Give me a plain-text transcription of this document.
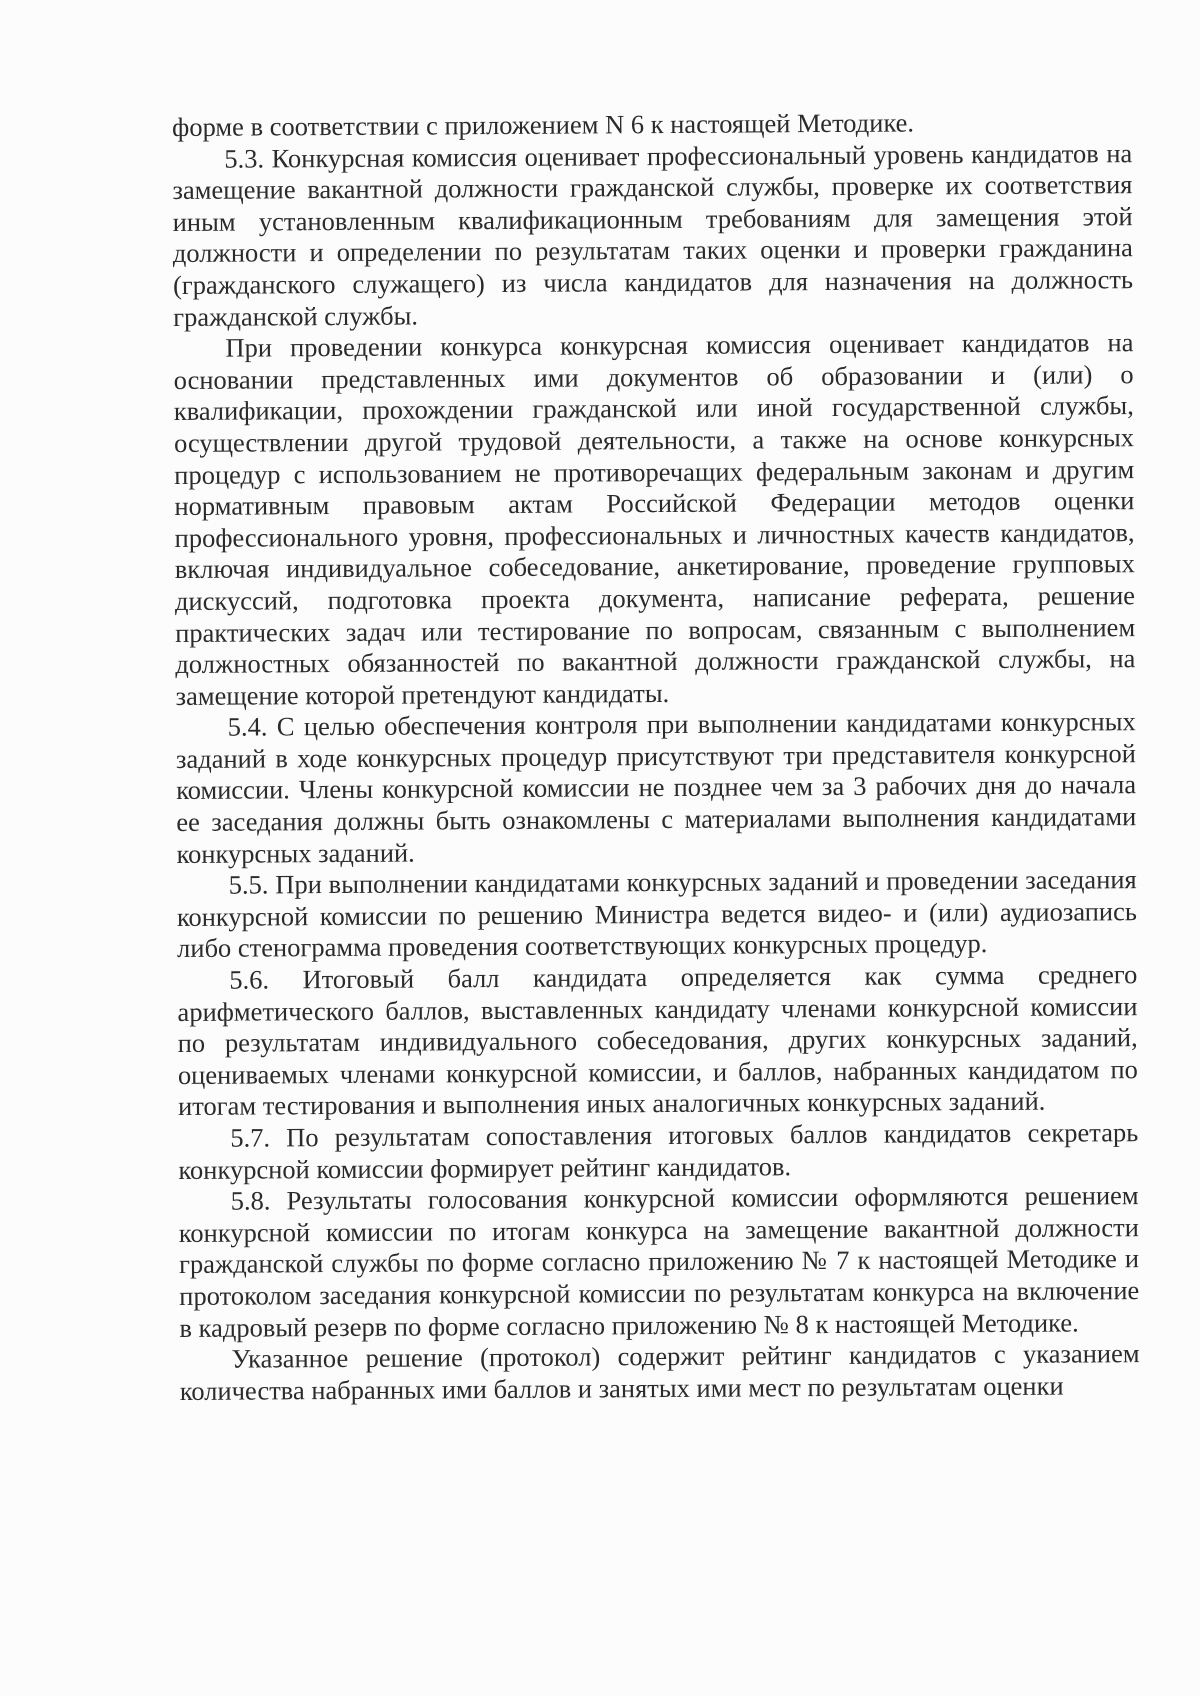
форме в соответствии с приложением N 6 к настоящей Методике.

5.3. Конкурсная комиссия оценивает профессиональный уровень кандидатов на замещение вакантной должности гражданской службы, проверке их соответствия иным установленным квалификационным требованиям для замещения этой должности и определении по результатам таких оценки и проверки гражданина (гражданского служащего) из числа кандидатов для назначения на должность гражданской службы.

При проведении конкурса конкурсная комиссия оценивает кандидатов на основании представленных ими документов об образовании и (или) о квалификации, прохождении гражданской или иной государственной службы, осуществлении другой трудовой деятельности, а также на основе конкурсных процедур с использованием не противоречащих федеральным законам и другим нормативным правовым актам Российской Федерации методов оценки профессионального уровня, профессиональных и личностных качеств кандидатов, включая индивидуальное собеседование, анкетирование, проведение групповых дискуссий, подготовка проекта документа, написание реферата, решение практических задач или тестирование по вопросам, связанным с выполнением должностных обязанностей по вакантной должности гражданской службы, на замещение которой претендуют кандидаты.

5.4. С целью обеспечения контроля при выполнении кандидатами конкурсных заданий в ходе конкурсных процедур присутствуют три представителя конкурсной комиссии. Члены конкурсной комиссии не позднее чем за 3 рабочих дня до начала ее заседания должны быть ознакомлены с материалами выполнения кандидатами конкурсных заданий.

5.5. При выполнении кандидатами конкурсных заданий и проведении заседания конкурсной комиссии по решению Министра ведется видео- и (или) аудиозапись либо стенограмма проведения соответствующих конкурсных процедур.

5.6. Итоговый балл кандидата определяется как сумма среднего арифметического баллов, выставленных кандидату членами конкурсной комиссии по результатам индивидуального собеседования, других конкурсных заданий, оцениваемых членами конкурсной комиссии, и баллов, набранных кандидатом по итогам тестирования и выполнения иных аналогичных конкурсных заданий.

5.7. По результатам сопоставления итоговых баллов кандидатов секретарь конкурсной комиссии формирует рейтинг кандидатов.

5.8. Результаты голосования конкурсной комиссии оформляются решением конкурсной комиссии по итогам конкурса на замещение вакантной должности гражданской службы по форме согласно приложению № 7 к настоящей Методике и протоколом заседания конкурсной комиссии по результатам конкурса на включение в кадровый резерв по форме согласно приложению № 8 к настоящей Методике.

Указанное решение (протокол) содержит рейтинг кандидатов с указанием количества набранных ими баллов и занятых ими мест по результатам оценки
